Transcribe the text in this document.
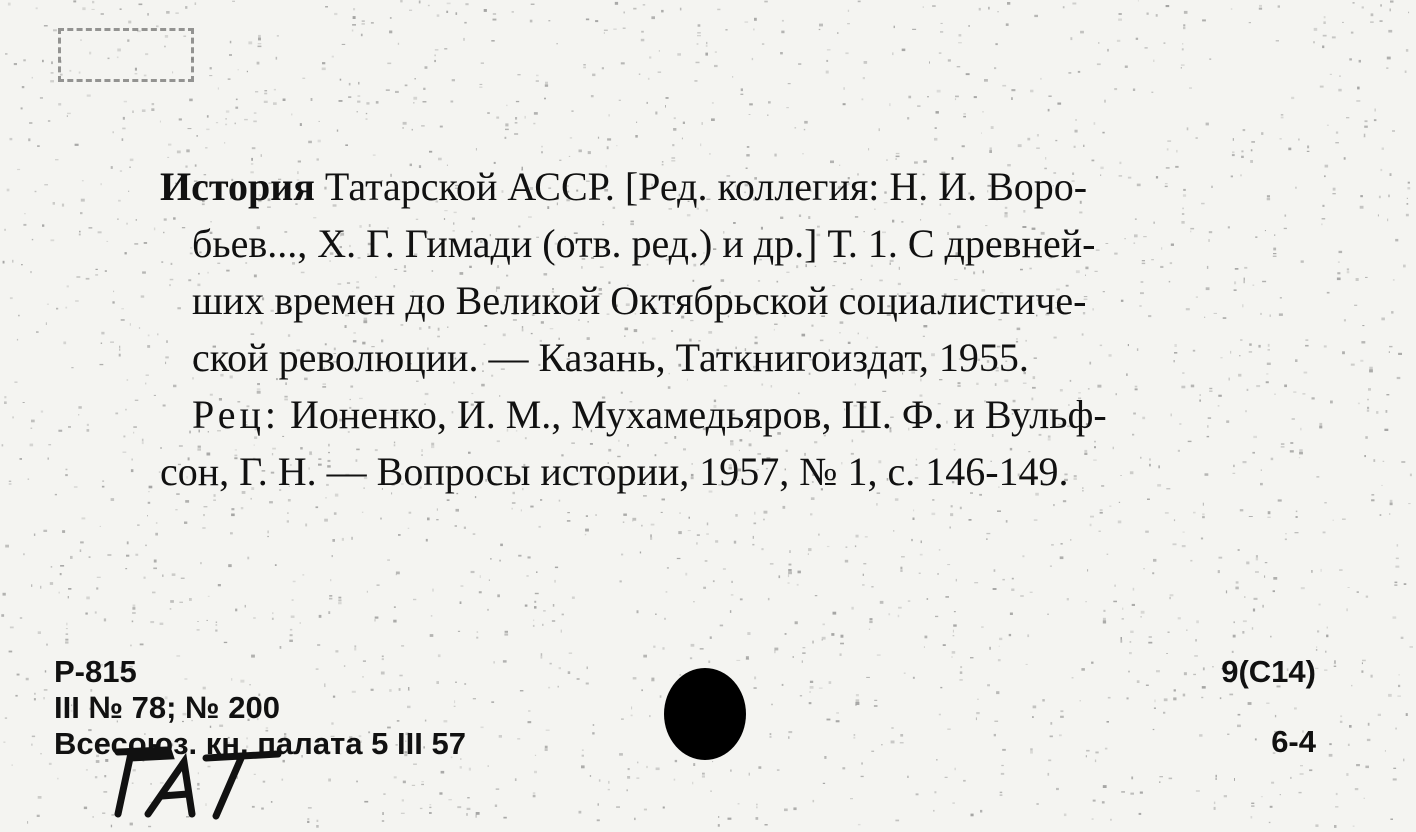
История Татарской АССР. [Ред. коллегия: Н. И. Воро-
бьев..., Х. Г. Гимади (отв. ред.) и др.] Т. 1. С древней-
ших времен до Великой Октябрьской социалистиче-
ской революции. — Казань, Таткнигоиздат, 1955.
Рец: Ионенко, И. М., Мухамедьяров, Ш. Ф. и Вульф-
сон, Г. Н. — Вопросы истории, 1957, № 1, с. 146-149.
P-815
III № 78; № 200
Всесоюз. кн. палата 5 III 57
9(С14)
6-4
